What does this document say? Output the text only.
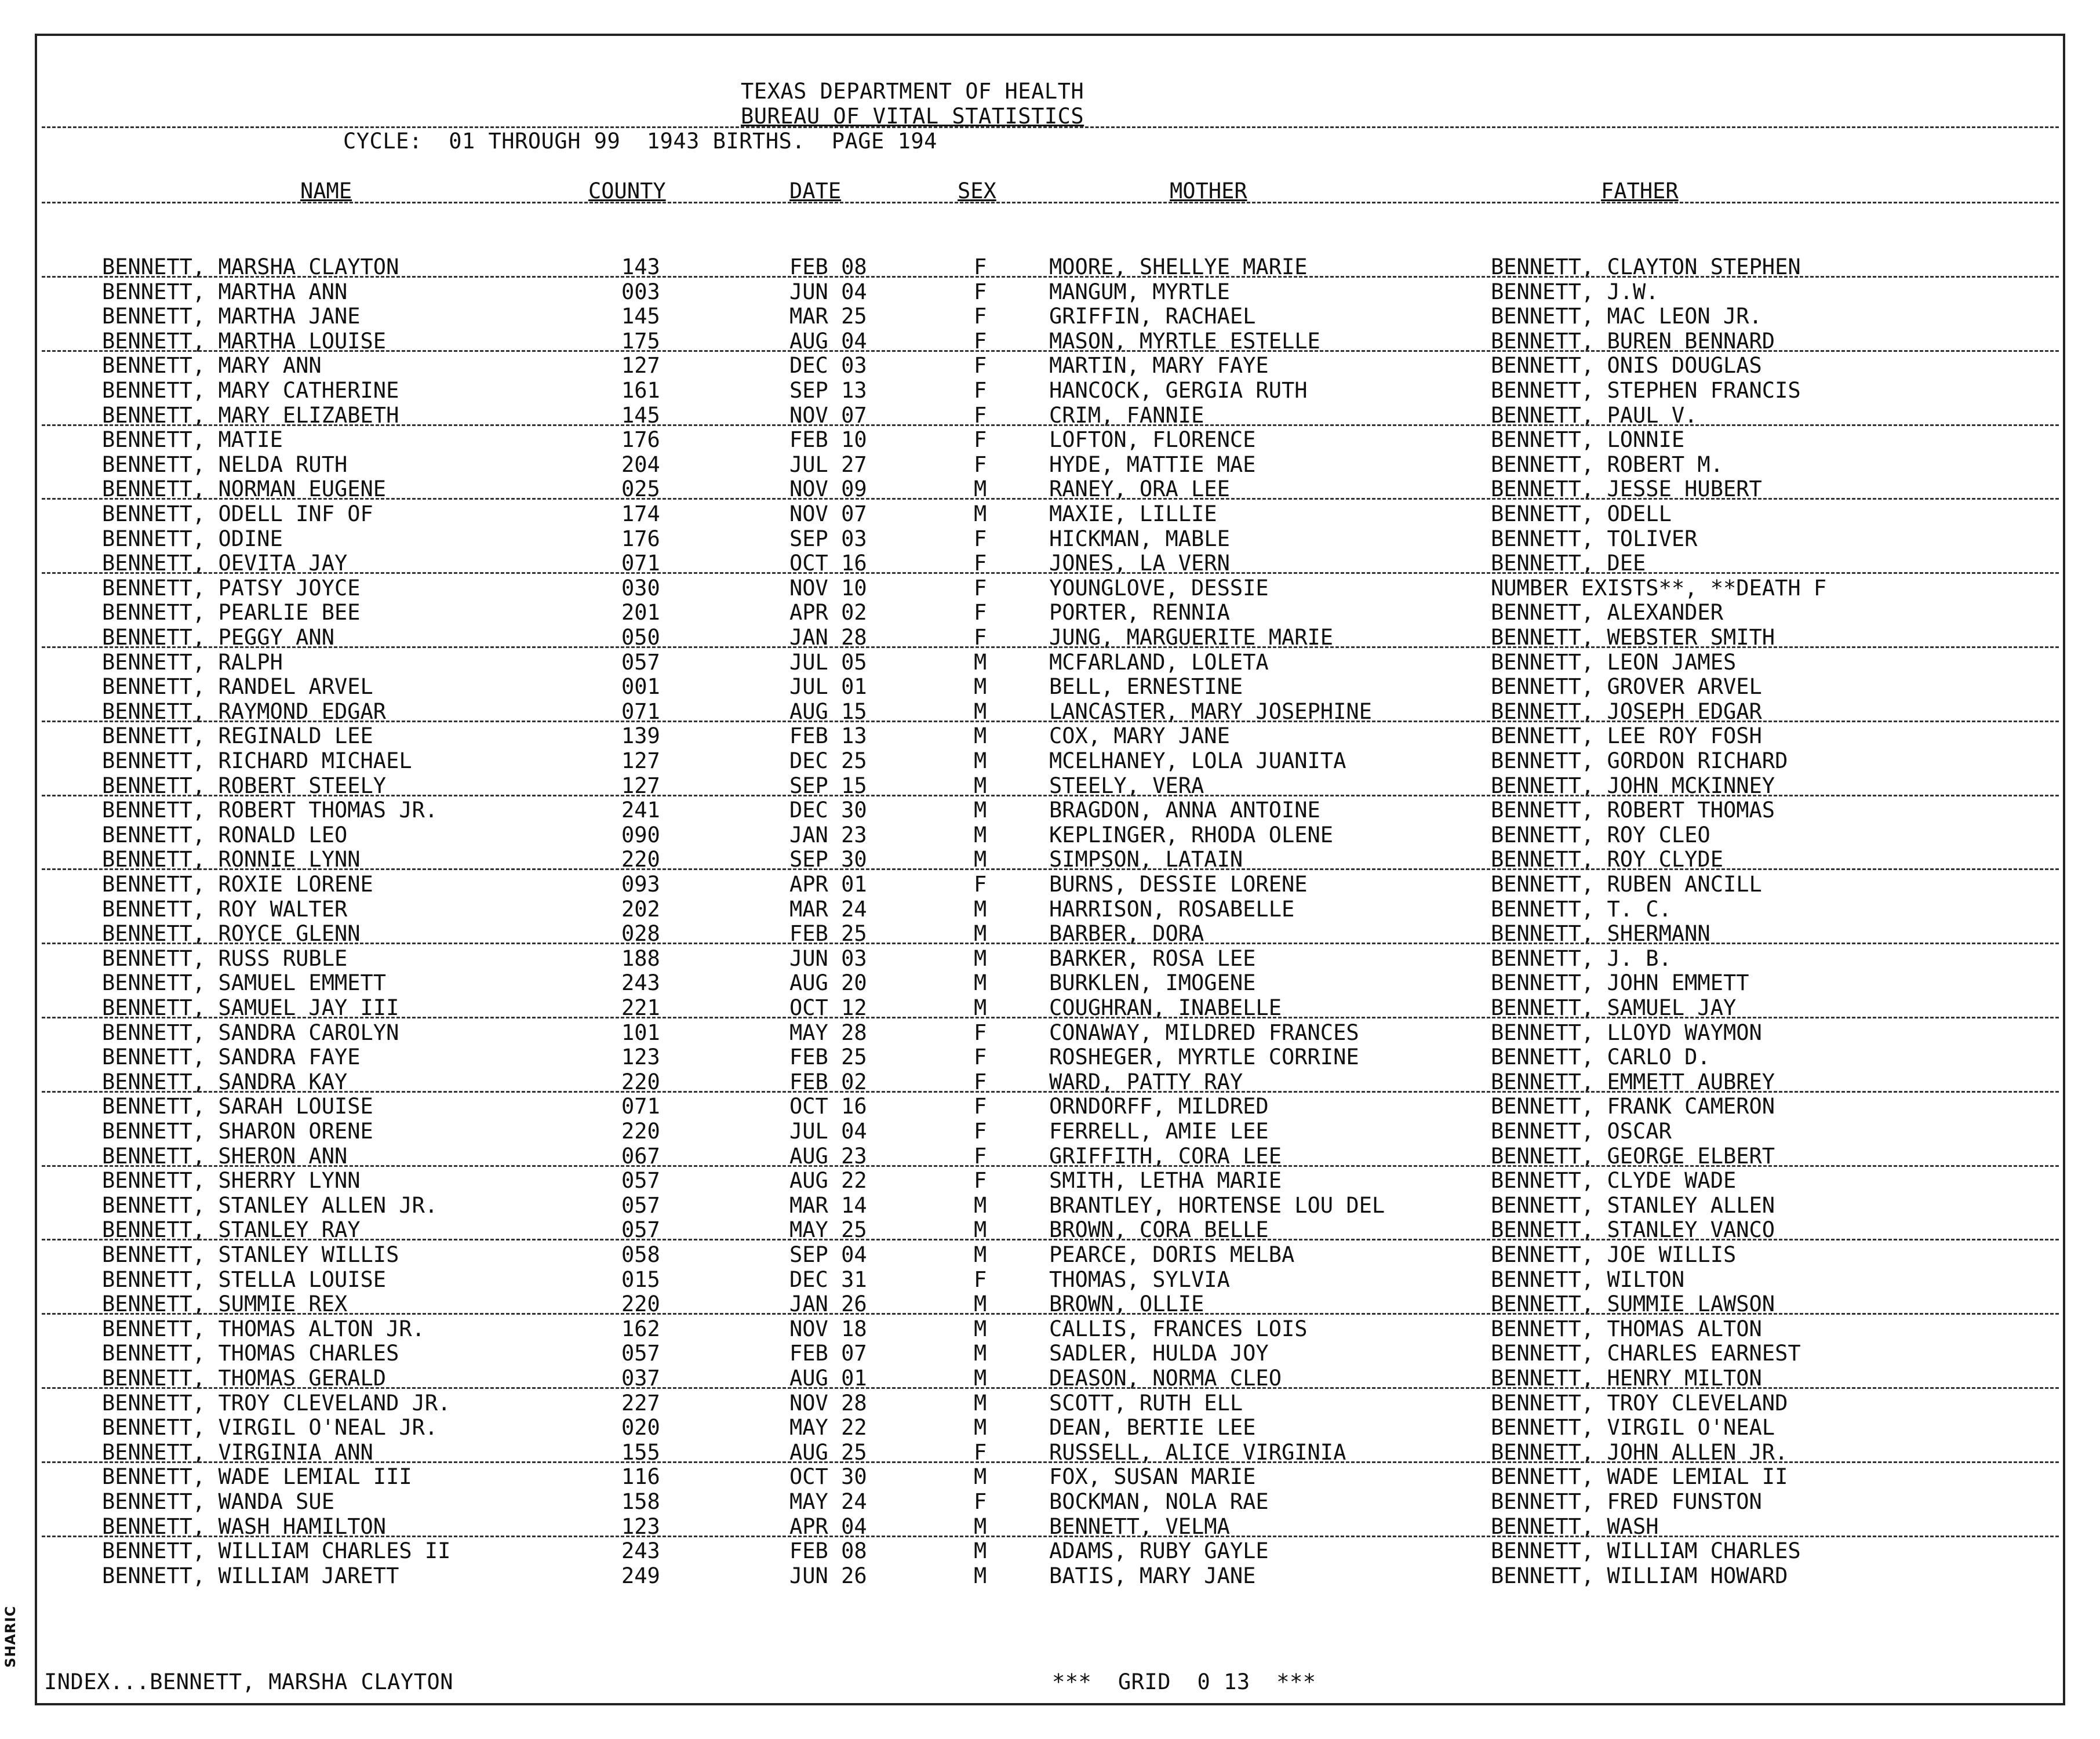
TEXAS DEPARTMENT OF HEALTH
BUREAU OF VITAL STATISTICS
CYCLE:  01 THROUGH 99  1943 BIRTHS.  PAGE 194
NAME	COUNTY	DATE	SEX	MOTHER	FATHER
BENNETT, MARSHA CLAYTON	143	FEB 08	F	MOORE, SHELLYE MARIE	BENNETT, CLAYTON STEPHEN
BENNETT, MARTHA ANN	003	JUN 04	F	MANGUM, MYRTLE	BENNETT, J.W.
BENNETT, MARTHA JANE	145	MAR 25	F	GRIFFIN, RACHAEL	BENNETT, MAC LEON JR.
BENNETT, MARTHA LOUISE	175	AUG 04	F	MASON, MYRTLE ESTELLE	BENNETT, BUREN BENNARD
BENNETT, MARY ANN	127	DEC 03	F	MARTIN, MARY FAYE	BENNETT, ONIS DOUGLAS
BENNETT, MARY CATHERINE	161	SEP 13	F	HANCOCK, GERGIA RUTH	BENNETT, STEPHEN FRANCIS
BENNETT, MARY ELIZABETH	145	NOV 07	F	CRIM, FANNIE	BENNETT, PAUL V.
BENNETT, MATIE	176	FEB 10	F	LOFTON, FLORENCE	BENNETT, LONNIE
BENNETT, NELDA RUTH	204	JUL 27	F	HYDE, MATTIE MAE	BENNETT, ROBERT M.
BENNETT, NORMAN EUGENE	025	NOV 09	M	RANEY, ORA LEE	BENNETT, JESSE HUBERT
BENNETT, ODELL INF OF	174	NOV 07	M	MAXIE, LILLIE	BENNETT, ODELL
BENNETT, ODINE	176	SEP 03	F	HICKMAN, MABLE	BENNETT, TOLIVER
BENNETT, OEVITA JAY	071	OCT 16	F	JONES, LA VERN	BENNETT, DEE
BENNETT, PATSY JOYCE	030	NOV 10	F	YOUNGLOVE, DESSIE	NUMBER EXISTS**, **DEATH F
BENNETT, PEARLIE BEE	201	APR 02	F	PORTER, RENNIA	BENNETT, ALEXANDER
BENNETT, PEGGY ANN	050	JAN 28	F	JUNG, MARGUERITE MARIE	BENNETT, WEBSTER SMITH
BENNETT, RALPH	057	JUL 05	M	MCFARLAND, LOLETA	BENNETT, LEON JAMES
BENNETT, RANDEL ARVEL	001	JUL 01	M	BELL, ERNESTINE	BENNETT, GROVER ARVEL
BENNETT, RAYMOND EDGAR	071	AUG 15	M	LANCASTER, MARY JOSEPHINE	BENNETT, JOSEPH EDGAR
BENNETT, REGINALD LEE	139	FEB 13	M	COX, MARY JANE	BENNETT, LEE ROY FOSH
BENNETT, RICHARD MICHAEL	127	DEC 25	M	MCELHANEY, LOLA JUANITA	BENNETT, GORDON RICHARD
BENNETT, ROBERT STEELY	127	SEP 15	M	STEELY, VERA	BENNETT, JOHN MCKINNEY
BENNETT, ROBERT THOMAS JR.	241	DEC 30	M	BRAGDON, ANNA ANTOINE	BENNETT, ROBERT THOMAS
BENNETT, RONALD LEO	090	JAN 23	M	KEPLINGER, RHODA OLENE	BENNETT, ROY CLEO
BENNETT, RONNIE LYNN	220	SEP 30	M	SIMPSON, LATAIN	BENNETT, ROY CLYDE
BENNETT, ROXIE LORENE	093	APR 01	F	BURNS, DESSIE LORENE	BENNETT, RUBEN ANCILL
BENNETT, ROY WALTER	202	MAR 24	M	HARRISON, ROSABELLE	BENNETT, T. C.
BENNETT, ROYCE GLENN	028	FEB 25	M	BARBER, DORA	BENNETT, SHERMANN
BENNETT, RUSS RUBLE	188	JUN 03	M	BARKER, ROSA LEE	BENNETT, J. B.
BENNETT, SAMUEL EMMETT	243	AUG 20	M	BURKLEN, IMOGENE	BENNETT, JOHN EMMETT
BENNETT, SAMUEL JAY III	221	OCT 12	M	COUGHRAN, INABELLE	BENNETT, SAMUEL JAY
BENNETT, SANDRA CAROLYN	101	MAY 28	F	CONAWAY, MILDRED FRANCES	BENNETT, LLOYD WAYMON
BENNETT, SANDRA FAYE	123	FEB 25	F	ROSHEGER, MYRTLE CORRINE	BENNETT, CARLO D.
BENNETT, SANDRA KAY	220	FEB 02	F	WARD, PATTY RAY	BENNETT, EMMETT AUBREY
BENNETT, SARAH LOUISE	071	OCT 16	F	ORNDORFF, MILDRED	BENNETT, FRANK CAMERON
BENNETT, SHARON ORENE	220	JUL 04	F	FERRELL, AMIE LEE	BENNETT, OSCAR
BENNETT, SHERON ANN	067	AUG 23	F	GRIFFITH, CORA LEE	BENNETT, GEORGE ELBERT
BENNETT, SHERRY LYNN	057	AUG 22	F	SMITH, LETHA MARIE	BENNETT, CLYDE WADE
BENNETT, STANLEY ALLEN JR.	057	MAR 14	M	BRANTLEY, HORTENSE LOU DEL	BENNETT, STANLEY ALLEN
BENNETT, STANLEY RAY	057	MAY 25	M	BROWN, CORA BELLE	BENNETT, STANLEY VANCO
BENNETT, STANLEY WILLIS	058	SEP 04	M	PEARCE, DORIS MELBA	BENNETT, JOE WILLIS
BENNETT, STELLA LOUISE	015	DEC 31	F	THOMAS, SYLVIA	BENNETT, WILTON
BENNETT, SUMMIE REX	220	JAN 26	M	BROWN, OLLIE	BENNETT, SUMMIE LAWSON
BENNETT, THOMAS ALTON JR.	162	NOV 18	M	CALLIS, FRANCES LOIS	BENNETT, THOMAS ALTON
BENNETT, THOMAS CHARLES	057	FEB 07	M	SADLER, HULDA JOY	BENNETT, CHARLES EARNEST
BENNETT, THOMAS GERALD	037	AUG 01	M	DEASON, NORMA CLEO	BENNETT, HENRY MILTON
BENNETT, TROY CLEVELAND JR.	227	NOV 28	M	SCOTT, RUTH ELL	BENNETT, TROY CLEVELAND
BENNETT, VIRGIL O'NEAL JR.	020	MAY 22	M	DEAN, BERTIE LEE	BENNETT, VIRGIL O'NEAL
BENNETT, VIRGINIA ANN	155	AUG 25	F	RUSSELL, ALICE VIRGINIA	BENNETT, JOHN ALLEN JR.
BENNETT, WADE LEMIAL III	116	OCT 30	M	FOX, SUSAN MARIE	BENNETT, WADE LEMIAL II
BENNETT, WANDA SUE	158	MAY 24	F	BOCKMAN, NOLA RAE	BENNETT, FRED FUNSTON
BENNETT, WASH HAMILTON	123	APR 04	M	BENNETT, VELMA	BENNETT, WASH
BENNETT, WILLIAM CHARLES II	243	FEB 08	M	ADAMS, RUBY GAYLE	BENNETT, WILLIAM CHARLES
BENNETT, WILLIAM JARETT	249	JUN 26	M	BATIS, MARY JANE	BENNETT, WILLIAM HOWARD
INDEX...BENNETT, MARSHA CLAYTON	***  GRID  0 13  ***
SHARIC
